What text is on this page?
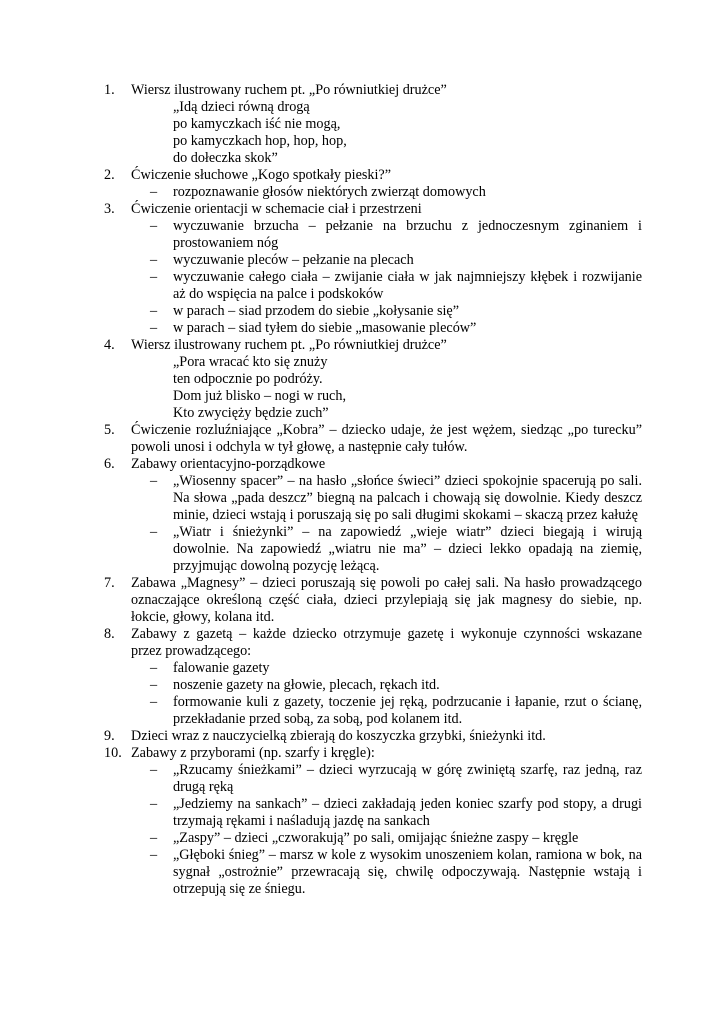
1. Wiersz ilustrowany ruchem pt. „Po równiutkiej drużce”
„Idą dzieci równą drogą
po kamyczkach iść nie mogą,
po kamyczkach hop, hop, hop,
do dołeczka skok”
2. Ćwiczenie słuchowe „Kogo spotkały pieski?”
– rozpoznawanie głosów niektórych zwierząt domowych
3. Ćwiczenie orientacji w schemacie ciał i przestrzeni
– wyczuwanie brzucha – pełzanie na brzuchu z jednoczesnym zginaniem i prostowaniem nóg
– wyczuwanie pleców – pełzanie na plecach
– wyczuwanie całego ciała – zwijanie ciała w jak najmniejszy kłębek i rozwijanie aż do wspięcia na palce i podskoków
– w parach – siad przodem do siebie „kołysanie się”
– w parach – siad tyłem do siebie „masowanie pleców”
4. Wiersz ilustrowany ruchem pt. „Po równiutkiej drużce”
„Pora wracać kto się znuży
ten odpocznie po podróży.
Dom już blisko – nogi w ruch,
Kto zwycięży będzie zuch”
5. Ćwiczenie rozluźniające „Kobra” – dziecko udaje, że jest wężem, siedząc „po turecku” powoli unosi i odchyla w tył głowę, a następnie cały tułów.
6. Zabawy orientacyjno-porządkowe
– „Wiosenny spacer” – na hasło „słońce świeci” dzieci spokojnie spacerują po sali. Na słowa „pada deszcz” biegną na palcach i chowają się dowolnie. Kiedy deszcz minie, dzieci wstają i poruszają się po sali długimi skokami – skaczą przez kałużę
– „Wiatr i śnieżynki” – na zapowiedź „wieje wiatr” dzieci biegają i wirują dowolnie. Na zapowiedź „wiatru nie ma” – dzieci lekko opadają na ziemię, przyjmując dowolną pozycję leżącą.
7. Zabawa „Magnesy” – dzieci poruszają się powoli po całej sali. Na hasło prowadzącego oznaczające określoną część ciała, dzieci przylepiają się jak magnesy do siebie, np. łokcie, głowy, kolana itd.
8. Zabawy z gazetą – każde dziecko otrzymuje gazetę i wykonuje czynności wskazane przez prowadzącego:
– falowanie gazety
– noszenie gazety na głowie, plecach, rękach itd.
– formowanie kuli z gazety, toczenie jej ręką, podrzucanie i łapanie, rzut o ścianę, przekładanie przed sobą, za sobą, pod kolanem itd.
9. Dzieci wraz z nauczycielką zbierają do koszyczka grzybki, śnieżynki itd.
10. Zabawy z przyborami (np. szarfy i kręgle):
– „Rzucamy śnieżkami” – dzieci wyrzucają w górę zwiniętą szarfę, raz jedną, raz drugą ręką
– „Jedziemy na sankach” – dzieci zakładają jeden koniec szarfy pod stopy, a drugi trzymają rękami i naśladują jazdę na sankach
– „Zaspy” – dzieci „czworakują” po sali, omijając śnieżne zaspy – kręgle
– „Głęboki śnieg” – marsz w kole z wysokim unoszeniem kolan, ramiona w bok, na sygnał „ostrożnie” przewracają się, chwilę odpoczywają. Następnie wstają i otrzepują się ze śniegu.
